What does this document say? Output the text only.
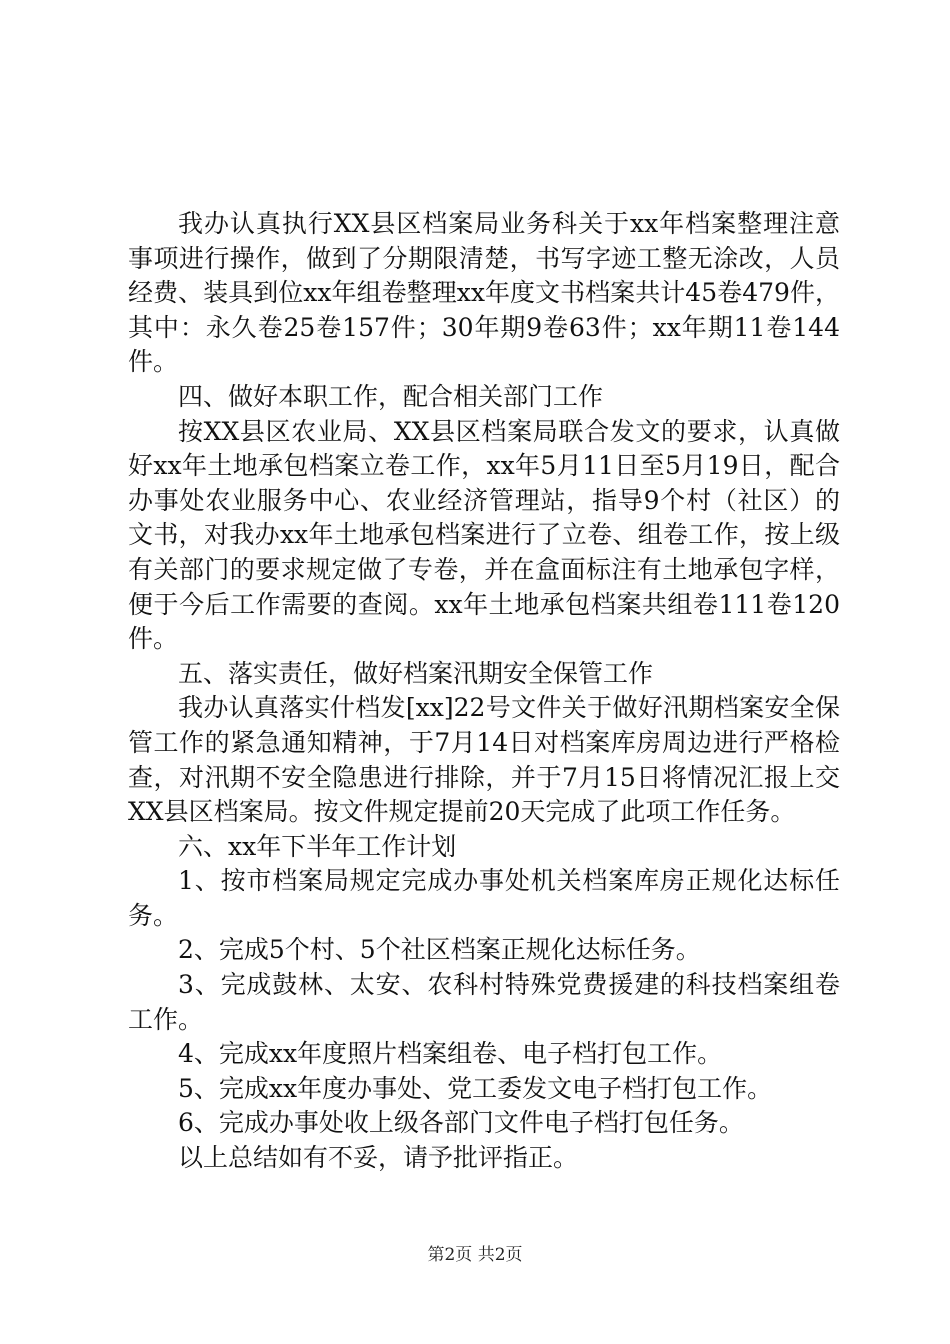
我办认真执行XX县区档案局业务科关于xx年档案整理注意事项进行操作，做到了分期限清楚，书写字迹工整无涂改，人员经费、装具到位xx年组卷整理xx年度文书档案共计45卷479件，其中：永久卷25卷157件；30年期9卷63件；xx年期11卷144件。

四、做好本职工作，配合相关部门工作

按XX县区农业局、XX县区档案局联合发文的要求，认真做好xx年土地承包档案立卷工作，xx年5月11日至5月19日，配合办事处农业服务中心、农业经济管理站，指导9个村（社区）的文书，对我办xx年土地承包档案进行了立卷、组卷工作，按上级有关部门的要求规定做了专卷，并在盒面标注有土地承包字样，便于今后工作需要的查阅。xx年土地承包档案共组卷111卷120件。

五、落实责任，做好档案汛期安全保管工作

我办认真落实什档发[xx]22号文件关于做好汛期档案安全保管工作的紧急通知精神，于7月14日对档案库房周边进行严格检查，对汛期不安全隐患进行排除，并于7月15日将情况汇报上交XX县区档案局。按文件规定提前20天完成了此项工作任务。

六、xx年下半年工作计划

1、按市档案局规定完成办事处机关档案库房正规化达标任务。

2、完成5个村、5个社区档案正规化达标任务。

3、完成鼓林、太安、农科村特殊党费援建的科技档案组卷工作。

4、完成xx年度照片档案组卷、电子档打包工作。

5、完成xx年度办事处、党工委发文电子档打包工作。

6、完成办事处收上级各部门文件电子档打包任务。

以上总结如有不妥，请予批评指正。

第2页 共2页
